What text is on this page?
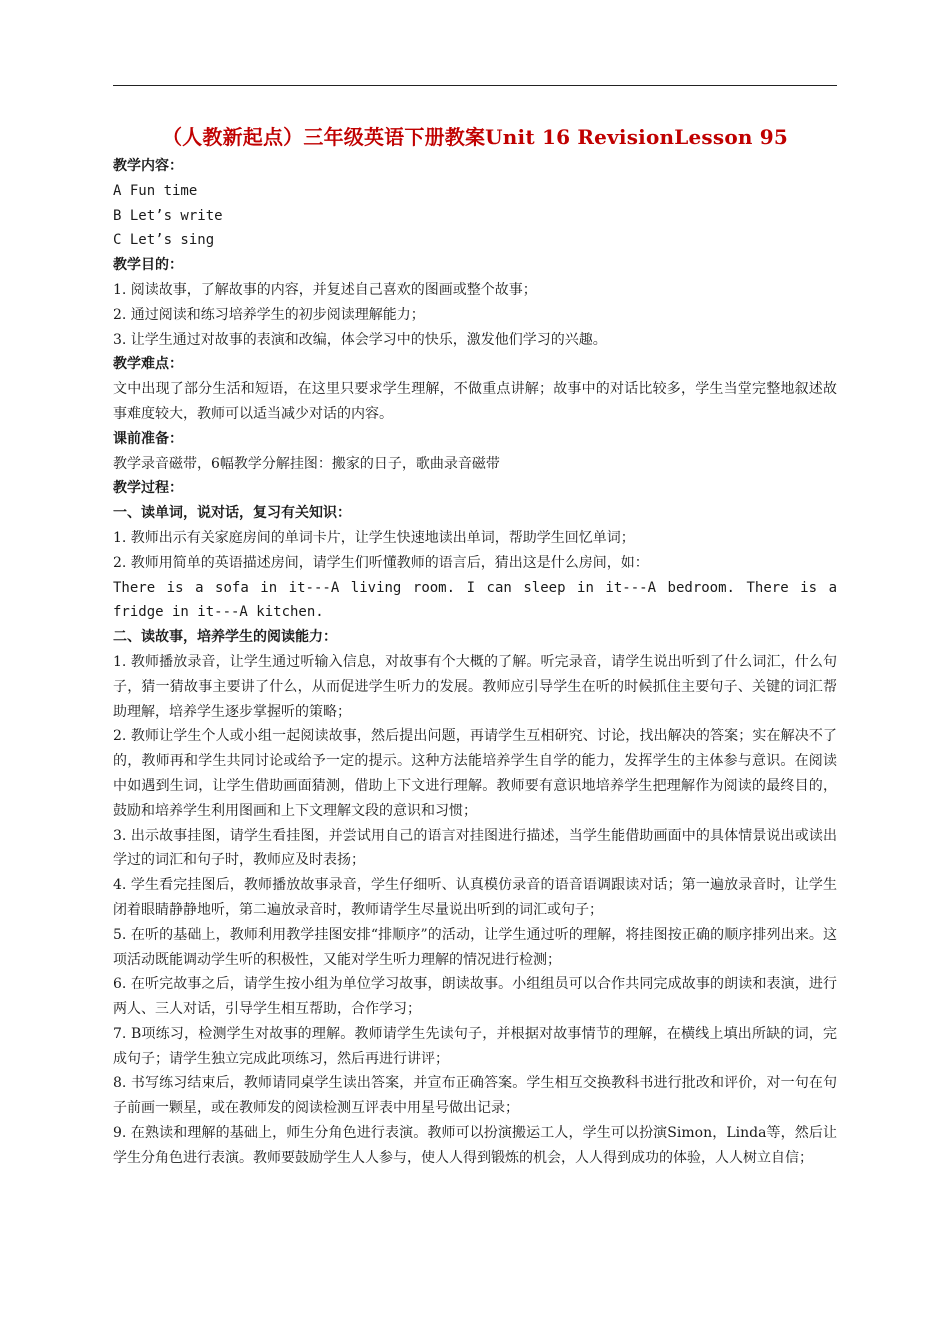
（人教新起点）三年级英语下册教案Unit 16 RevisionLesson 95
教学内容：
A Fun time
B Let’s write
C Let’s sing
教学目的：
1. 阅读故事，了解故事的内容，并复述自己喜欢的图画或整个故事；
2. 通过阅读和练习培养学生的初步阅读理解能力；
3. 让学生通过对故事的表演和改编，体会学习中的快乐，激发他们学习的兴趣。
教学难点：
文中出现了部分生活和短语，在这里只要求学生理解，不做重点讲解；故事中的对话比较多，学生当堂完整地叙述故事难度较大，教师可以适当减少对话的内容。
课前准备：
教学录音磁带，6幅教学分解挂图：搬家的日子，歌曲录音磁带
教学过程：
一、读单词，说对话，复习有关知识：
1. 教师出示有关家庭房间的单词卡片，让学生快速地读出单词，帮助学生回忆单词；
2. 教师用简单的英语描述房间，请学生们听懂教师的语言后，猜出这是什么房间，如：
There is a sofa in it---A living room. I can sleep in it---A bedroom. There is a
fridge in it---A kitchen.
二、读故事，培养学生的阅读能力：
1. 教师播放录音，让学生通过听输入信息，对故事有个大概的了解。听完录音，请学生说出听到了什么词汇，什么句子，猜一猜故事主要讲了什么，从而促进学生听力的发展。教师应引导学生在听的时候抓住主要句子、关键的词汇帮助理解，培养学生逐步掌握听的策略；
2. 教师让学生个人或小组一起阅读故事，然后提出问题，再请学生互相研究、讨论，找出解决的答案；实在解决不了的，教师再和学生共同讨论或给予一定的提示。这种方法能培养学生自学的能力，发挥学生的主体参与意识。在阅读中如遇到生词，让学生借助画面猜测，借助上下文进行理解。教师要有意识地培养学生把理解作为阅读的最终目的，鼓励和培养学生利用图画和上下文理解文段的意识和习惯；
3. 出示故事挂图，请学生看挂图，并尝试用自己的语言对挂图进行描述，当学生能借助画面中的具体情景说出或读出学过的词汇和句子时，教师应及时表扬；
4. 学生看完挂图后，教师播放故事录音，学生仔细听、认真模仿录音的语音语调跟读对话；第一遍放录音时，让学生闭着眼睛静静地听，第二遍放录音时，教师请学生尽量说出听到的词汇或句子；
5. 在听的基础上，教师利用教学挂图安排“排顺序”的活动，让学生通过听的理解，将挂图按正确的顺序排列出来。这项活动既能调动学生听的积极性，又能对学生听力理解的情况进行检测；
6. 在听完故事之后，请学生按小组为单位学习故事，朗读故事。小组组员可以合作共同完成故事的朗读和表演，进行两人、三人对话，引导学生相互帮助，合作学习；
7. B项练习，检测学生对故事的理解。教师请学生先读句子，并根据对故事情节的理解，在横线上填出所缺的词，完成句子；请学生独立完成此项练习，然后再进行讲评；
8. 书写练习结束后，教师请同桌学生读出答案，并宣布正确答案。学生相互交换教科书进行批改和评价，对一句在句子前画一颗星，或在教师发的阅读检测互评表中用星号做出记录；
9. 在熟读和理解的基础上，师生分角色进行表演。教师可以扮演搬运工人，学生可以扮演Simon，Linda等，然后让学生分角色进行表演。教师要鼓励学生人人参与，使人人得到锻炼的机会，人人得到成功的体验，人人树立自信；
